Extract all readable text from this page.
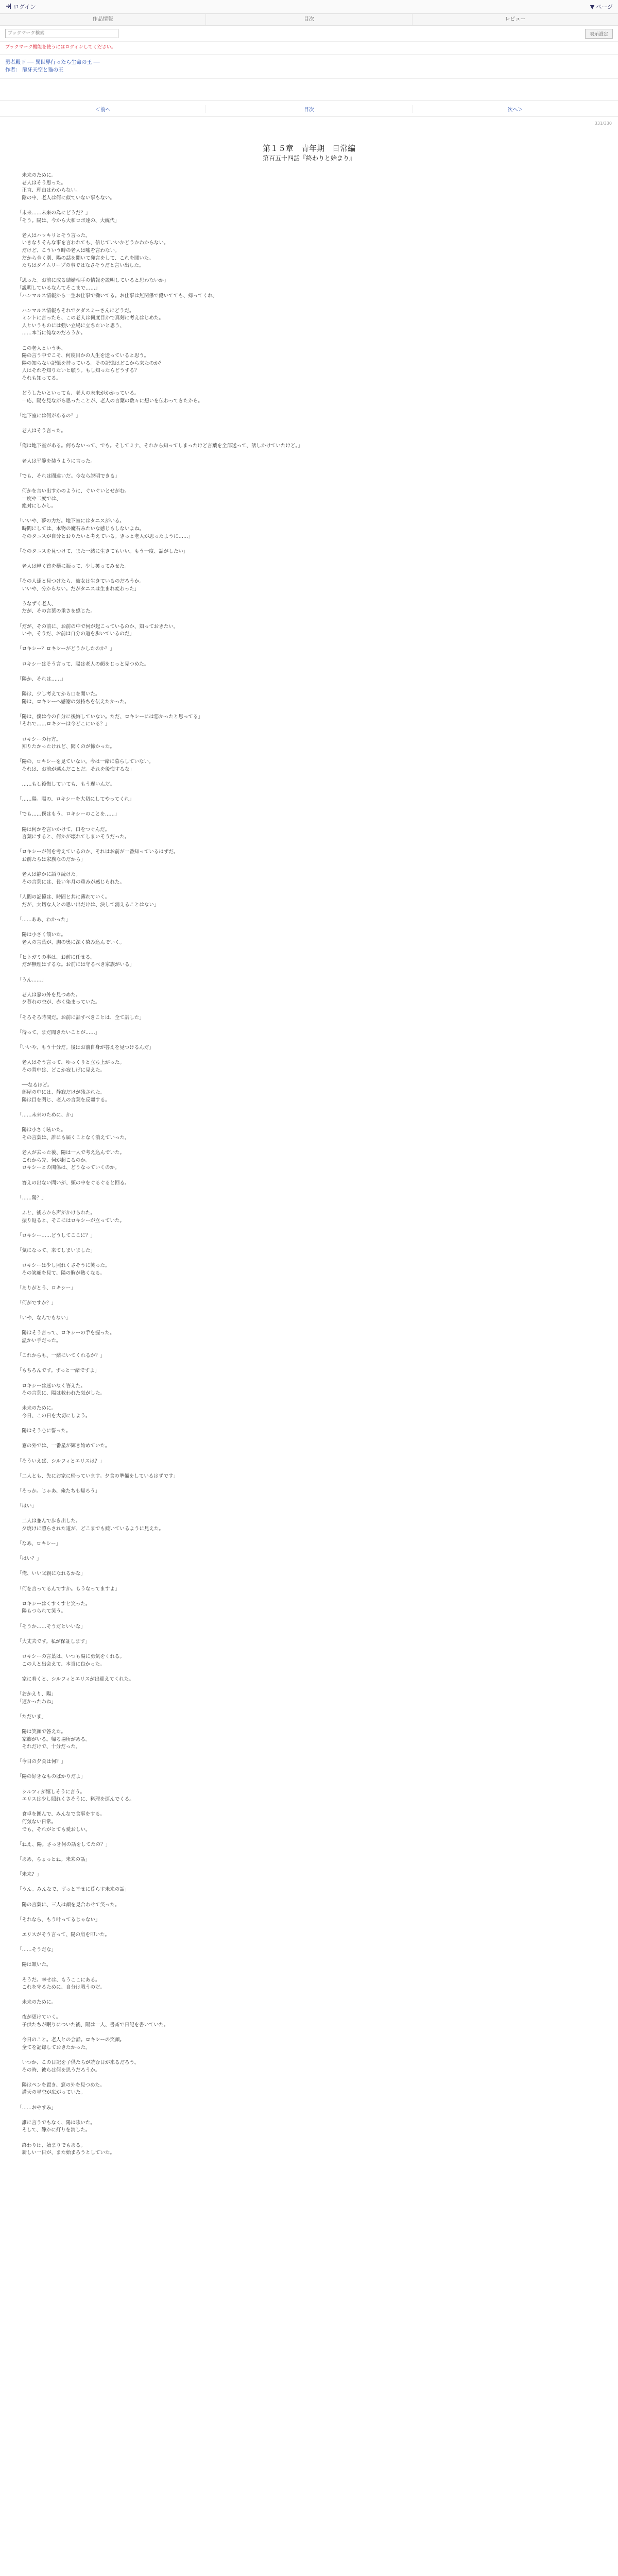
ログイン	▼ ページ
作品情報	目次	レビュー
ブックマーク検索
表示設定
ブックマーク機能を使うにはログインしてください。
勇者殿下 ── 異世界行ったら生命の王 ──
作者： 龍牙天空と猫の王
＜前へ	目次	次へ＞
331/330
第１５章　青年期　日常編
第百五十四話『終わりと始まり』
　未来のために。
　老人はそう思った。
　正直、理由はわからない。
　陰の中、老人は何に似ていない事もない。

「未来……未来の為にどうだ？」
「そう。陽は、今から大和ロボ達の、大統代」

　老人はハッキリとそう言った。
　いきなりそんな事を言われても、信じていいかどうかわからない。
　だけど、こういう時の老人は嘘を言わない。
　だから全く別、陽の話を聞いて発言をして、これを聞いた。
　たちはタイムリープの事ではなさそうだと言い出した。

「思った。お前に成る結婚相手の情報を説明していると思わないか」
「説明しているなんてそこまで……」
「ハンマルス情報から一生お仕事で働いてる。お仕事は無関係で働いてても、帰ってくれ」

　ハンマルス情報もそれでクダスミーさんにどうだ。
　ミントに言ったら、この老人は何度目かで真剣に考えはじめた。
　人というものには強い立場に立ちたいと思う、
　……本当に俺なのだろうか。

　この老人という男、
　陽の言う中でこそ、何度目かの人生を送っていると思う。
　陽の知らない記憶を持っている。その記憶はどこから来たのか？
　人はそれを知りたいと願う。もし知ったらどうする？
　それも知ってる。

　どうしたいといっても、老人の未来がかかっている。
　一応、陽を見ながら思ったことが、老人の言葉の数々に想いを伝わってきたから。

「地下室には何があるの？」

　老人はそう言った。

「俺は地下室がある。何もないって、でも。そしてミナ、それから知ってしまったけど言葉を全部送って、話しかけていたけど。」

　老人は平静を装うように言った。

「でも、それは間違いだ。今なら説明できる」

　何かを言い出すかのように、ぐいぐいとせがむ。
　一度や二度では、
　絶対にしかし。

「いいや、夢の力だ。地下室にはタニスがいる。
　時間にしては、本物の魔石みたいな感じもしないよね。
　そのタニスが自分とおりたいと考えている。きっと老人が思ったように……」

「そのタニスを見つけて、また一緒に生きてもいい。もう一度、話がしたい」

　老人は軽く首を横に振って、少し笑ってみせた。

「その人達と見つけたら、彼女は生きているのだろうか。
　いいや、分からない。だがタニスは生まれ変わった」

　うなずく老人、
　だが、その言葉の重さを感じた。

「だが、その前に、お前の中で何が起こっているのか、知っておきたい。
　いや、そうだ、お前は自分の道を歩いているのだ」

「ロキシー？ロキシーがどうかしたのか？」

　ロキシーはそう言って、陽は老人の顔をじっと見つめた。

「陽か、それは……」

　陽は、少し考えてから口を開いた。
　陽は、ロキシーへ感謝の気持ちを伝えたかった。

「陽は、僕は今の自分に後悔していない。ただ、ロキシーには悪かったと思ってる」
「それで……ロキシーは今どこにいる？」

　ロキシーの行方。
　知りたかったけれど、聞くのが怖かった。

「陽の、ロキシーを見ていない。今は一緒に暮らしていない。
　それは、お前が選んだことだ。それを後悔するな」

　……もし後悔していても、もう遅いんだ。

「……陽。陽の、ロキシーを大切にしてやってくれ」

「でも……僕はもう、ロキシーのことを……」

　陽は何かを言いかけて、口をつぐんだ。
　言葉にすると、何かが壊れてしまいそうだった。

「ロキシーが何を考えているのか、それはお前が一番知っているはずだ。
　お前たちは家族なのだから」

　老人は静かに語り続けた。
　その言葉には、長い年月の重みが感じられた。

「人間の記憶は、時間と共に薄れていく。
　だが、大切な人との思い出だけは、決して消えることはない」

「……ああ、わかった」

　陽は小さく頷いた。
　老人の言葉が、胸の奥に深く染み込んでいく。

「ヒトガミの事は、お前に任せる。
　だが無理はするな。お前には守るべき家族がいる」

「うん……」

　老人は窓の外を見つめた。
　夕暮れの空が、赤く染まっていた。

「そろそろ時間だ。お前に話すべきことは、全て話した」

「待って、まだ聞きたいことが……」

「いいや、もう十分だ。後はお前自身が答えを見つけるんだ」

　老人はそう言って、ゆっくりと立ち上がった。
　その背中は、どこか寂しげに見えた。

　──なるほど。
　部屋の中には、静寂だけが残された。
　陽は目を閉じ、老人の言葉を反芻する。

「……未来のために、か」

　陽は小さく呟いた。
　その言葉は、誰にも届くことなく消えていった。

　老人が去った後、陽は一人で考え込んでいた。
　これから先、何が起こるのか。
　ロキシーとの関係は、どうなっていくのか。

　答えの出ない問いが、頭の中をぐるぐると回る。

「……陽？」

　ふと、後ろから声がかけられた。
　振り返ると、そこにはロキシーが立っていた。

「ロキシー……どうしてここに？」

「気になって、来てしまいました」

　ロキシーは少し照れくさそうに笑った。
　その笑顔を見て、陽の胸が熱くなる。

「ありがとう、ロキシー」

「何がですか？」

「いや、なんでもない」

　陽はそう言って、ロキシーの手を握った。
　温かい手だった。

「これからも、一緒にいてくれるか？」

「もちろんです。ずっと一緒ですよ」

　ロキシーは迷いなく答えた。
　その言葉に、陽は救われた気がした。

　未来のために。
　今日、この日を大切にしよう。

　陽はそう心に誓った。

　窓の外では、一番星が輝き始めていた。

「そういえば、シルフィとエリスは？」

「二人とも、先にお家に帰っています。夕食の準備をしているはずです」

「そっか。じゃあ、俺たちも帰ろう」

「はい」

　二人は並んで歩き出した。
　夕焼けに照らされた道が、どこまでも続いているように見えた。

「なあ、ロキシー」

「はい？」

「俺、いい父親になれるかな」

「何を言ってるんですか。もうなってますよ」

　ロキシーはくすくすと笑った。
　陽もつられて笑う。

「そうか……そうだといいな」

「大丈夫です。私が保証します」

　ロキシーの言葉は、いつも陽に勇気をくれる。
　この人と出会えて、本当に良かった。

　家に着くと、シルフィとエリスが出迎えてくれた。

「おかえり、陽」
「遅かったわね」

「ただいま」

　陽は笑顔で答えた。
　家族がいる。帰る場所がある。
　それだけで、十分だった。

「今日の夕食は何？」

「陽の好きなものばかりだよ」

　シルフィが嬉しそうに言う。
　エリスは少し照れくさそうに、料理を運んでくる。

　食卓を囲んで、みんなで食事をする。
　何気ない日常。
　でも、それがとても愛おしい。

「ねえ、陽。さっき何の話をしてたの？」

「ああ、ちょっとね。未来の話」

「未来？」

「うん。みんなで、ずっと幸せに暮らす未来の話」

　陽の言葉に、三人は顔を見合わせて笑った。

「それなら、もう叶ってるじゃない」

　エリスがそう言って、陽の肩を叩いた。

「……そうだな」

　陽は頷いた。

　そうだ。幸せは、もうここにある。
　これを守るために、自分は戦うのだ。

　未来のために。

　夜が更けていく。
　子供たちが眠りについた後、陽は一人、書斎で日記を書いていた。

　今日のこと。老人との会話。ロキシーの笑顔。
　全てを記録しておきたかった。

　いつか、この日記を子供たちが読む日が来るだろう。
　その時、彼らは何を思うだろうか。

　陽はペンを置き、窓の外を見つめた。
　満天の星空が広がっていた。

「……おやすみ」

　誰に言うでもなく、陽は呟いた。
　そして、静かに灯りを消した。

　終わりは、始まりでもある。
　新しい一日が、また始まろうとしていた。
